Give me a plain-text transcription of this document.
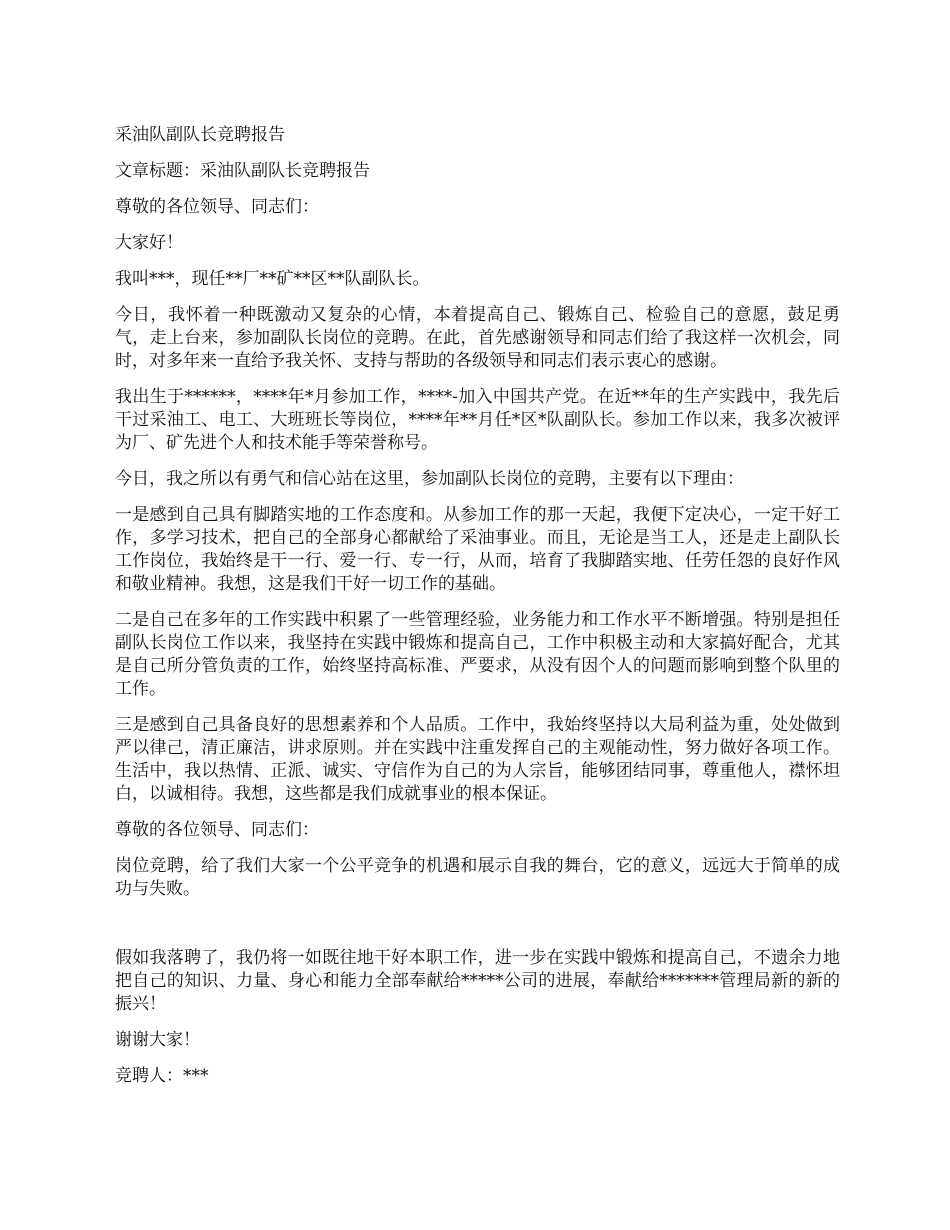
采油队副队长竞聘报告

文章标题：采油队副队长竞聘报告

尊敬的各位领导、同志们：

大家好！

我叫***，现任**厂**矿**区**队副队长。

今日，我怀着一种既激动又复杂的心情，本着提高自己、锻炼自己、检验自己的意愿，鼓足勇气，走上台来，参加副队长岗位的竞聘。在此，首先感谢领导和同志们给了我这样一次机会，同时，对多年来一直给予我关怀、支持与帮助的各级领导和同志们表示衷心的感谢。

我出生于******，****年*月参加工作，****-加入中国共产党。在近**年的生产实践中，我先后干过采油工、电工、大班班长等岗位，****年**月任*区*队副队长。参加工作以来，我多次被评为厂、矿先进个人和技术能手等荣誉称号。

今日，我之所以有勇气和信心站在这里，参加副队长岗位的竞聘，主要有以下理由：

一是感到自己具有脚踏实地的工作态度和。从参加工作的那一天起，我便下定决心，一定干好工作，多学习技术，把自己的全部身心都献给了采油事业。而且，无论是当工人，还是走上副队长工作岗位，我始终是干一行、爱一行、专一行，从而，培育了我脚踏实地、任劳任怨的良好作风和敬业精神。我想，这是我们干好一切工作的基础。

二是自己在多年的工作实践中积累了一些管理经验，业务能力和工作水平不断增强。特别是担任副队长岗位工作以来，我坚持在实践中锻炼和提高自己，工作中积极主动和大家搞好配合，尤其是自己所分管负责的工作，始终坚持高标准、严要求，从没有因个人的问题而影响到整个队里的工作。

三是感到自己具备良好的思想素养和个人品质。工作中，我始终坚持以大局利益为重，处处做到严以律己，清正廉洁，讲求原则。并在实践中注重发挥自己的主观能动性，努力做好各项工作。生活中，我以热情、正派、诚实、守信作为自己的为人宗旨，能够团结同事，尊重他人，襟怀坦白，以诚相待。我想，这些都是我们成就事业的根本保证。

尊敬的各位领导、同志们：

岗位竞聘，给了我们大家一个公平竞争的机遇和展示自我的舞台，它的意义，远远大于简单的成功与失败。

假如我落聘了，我仍将一如既往地干好本职工作，进一步在实践中锻炼和提高自己，不遗余力地把自己的知识、力量、身心和能力全部奉献给*****公司的进展，奉献给*******管理局新的新的振兴！

谢谢大家！

竞聘人：***
